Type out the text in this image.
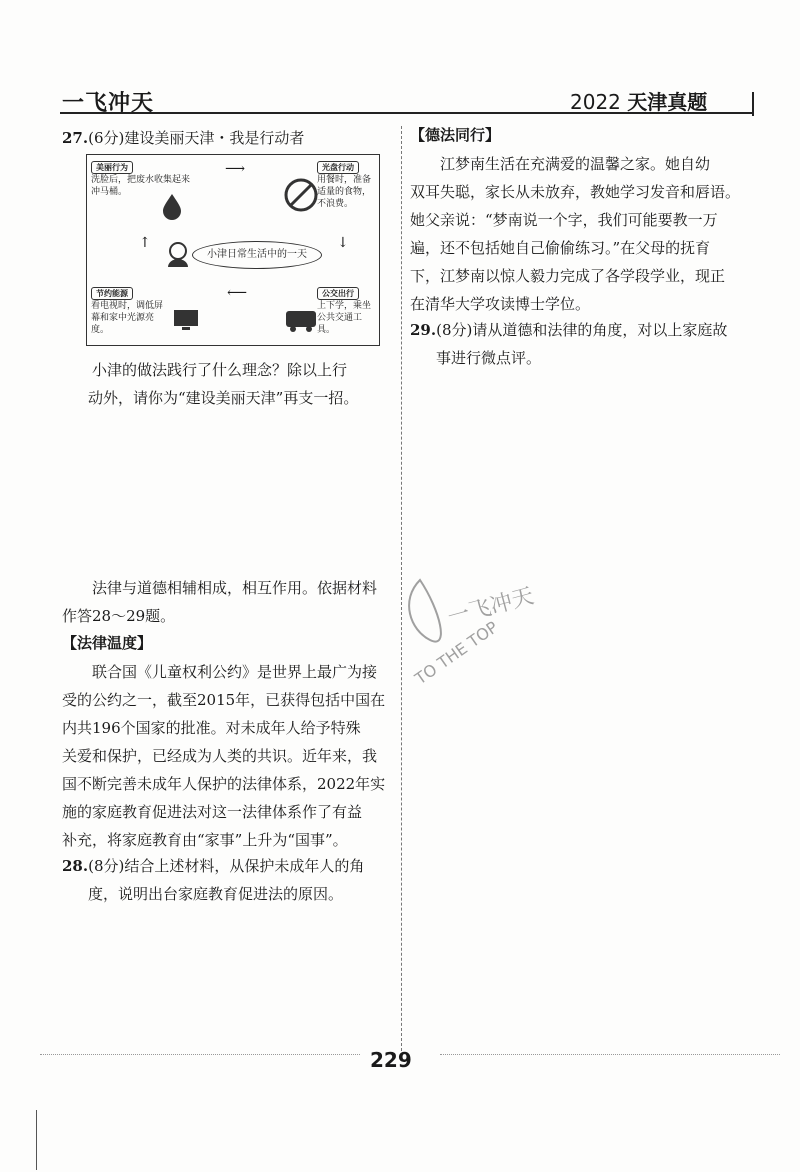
一飞冲天	2022 天津真题
27.(6分)建设美丽天津・我是行动者
美丽行为
洗脸后，把废水收集起来冲马桶。
光盘行动
用餐时，准备适量的食物，不浪费。
公交出行
上下学，乘坐公共交通工具。
节约能源
看电视时，调低屏幕和家中光源亮度。
小津日常生活中的一天
⟶
↓
⟵
↑
小津的做法践行了什么理念？除以上行
动外，请你为“建设美丽天津”再支一招。
法律与道德相辅相成，相互作用。依据材料
作答28～29题。
【法律温度】
联合国《儿童权利公约》是世界上最广为接
受的公约之一，截至2015年，已获得包括中国在
内共196个国家的批准。对未成年人给予特殊
关爱和保护，已经成为人类的共识。近年来，我
国不断完善未成年人保护的法律体系，2022年实
施的家庭教育促进法对这一法律体系作了有益
补充，将家庭教育由“家事”上升为“国事”。
28.(8分)结合上述材料，从保护未成年人的角
度，说明出台家庭教育促进法的原因。
【德法同行】
江梦南生活在充满爱的温馨之家。她自幼
双耳失聪，家长从未放弃，教她学习发音和唇语。
她父亲说：“梦南说一个字，我们可能要教一万
遍，还不包括她自己偷偷练习。”在父母的抚育
下，江梦南以惊人毅力完成了各学段学业，现正
在清华大学攻读博士学位。
29.(8分)请从道德和法律的角度，对以上家庭故
事进行微点评。
一飞冲天
TO THE TOP
229
